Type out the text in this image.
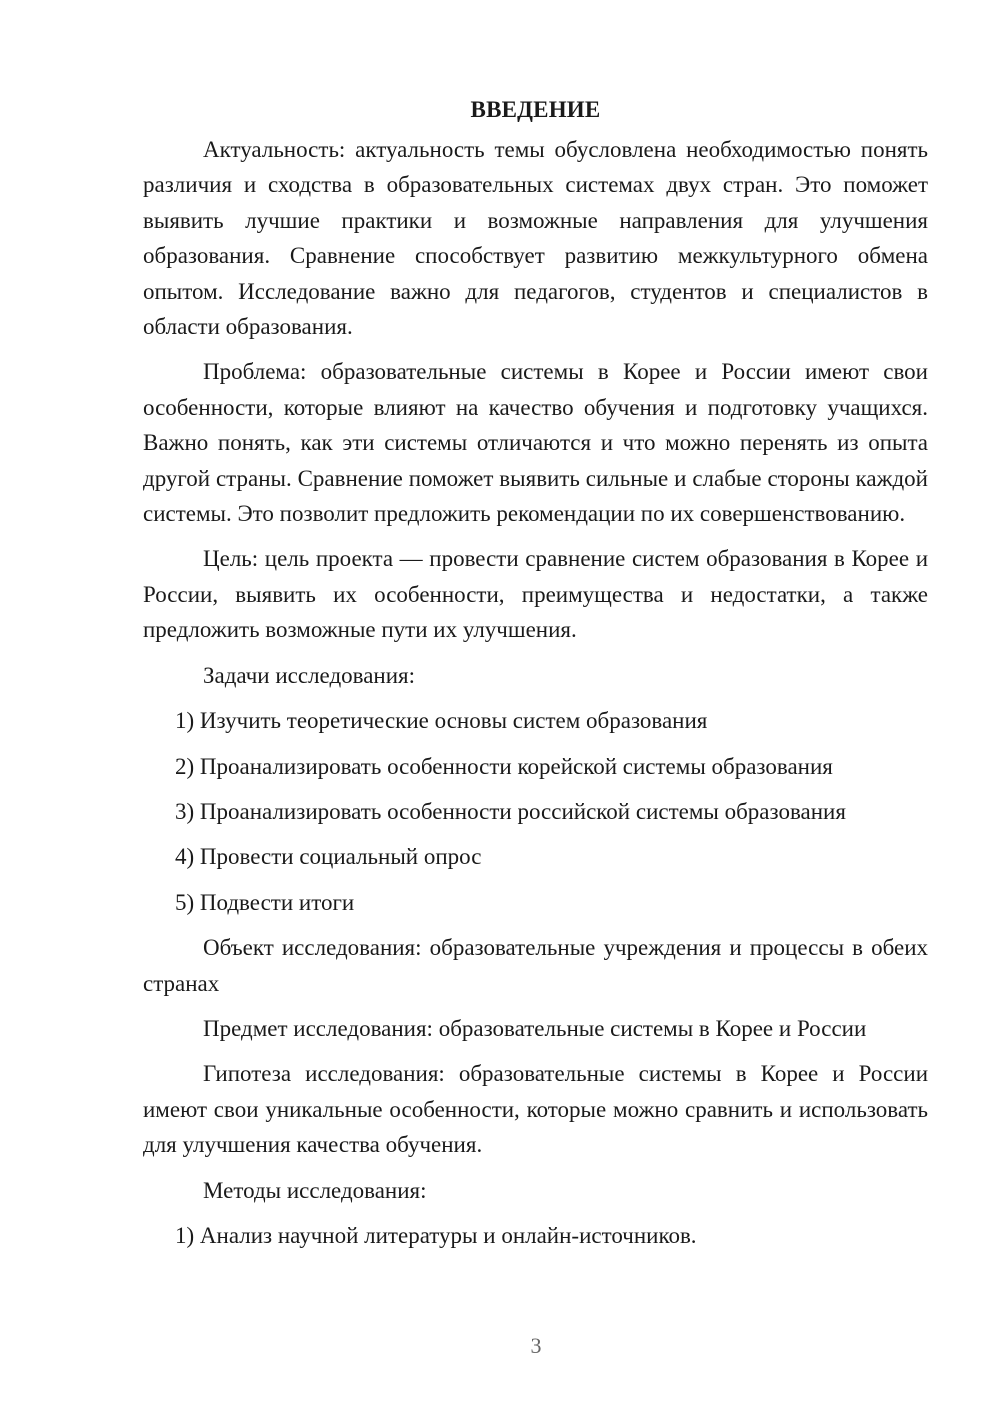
ВВЕДЕНИЕ
Актуальность: актуальность темы обусловлена необходимостью понять различия и сходства в образовательных системах двух стран. Это поможет выявить лучшие практики и возможные направления для улучшения образования. Сравнение способствует развитию межкультурного обмена опытом. Исследование важно для педагогов, студентов и специалистов в области образования.
Проблема: образовательные системы в Корее и России имеют свои особенности, которые влияют на качество обучения и подготовку учащихся. Важно понять, как эти системы отличаются и что можно перенять из опыта другой страны. Сравнение поможет выявить сильные и слабые стороны каждой системы. Это позволит предложить рекомендации по их совершенствованию.
Цель: цель проекта — провести сравнение систем образования в Корее и России, выявить их особенности, преимущества и недостатки, а также предложить возможные пути их улучшения.
Задачи исследования:
1) Изучить теоретические основы систем образования
2) Проанализировать особенности корейской системы образования
3) Проанализировать особенности российской системы образования
4) Провести социальный опрос
5) Подвести итоги
Объект исследования: образовательные учреждения и процессы в обеих странах
Предмет исследования: образовательные системы в Корее и России
Гипотеза исследования: образовательные системы в Корее и России имеют свои уникальные особенности, которые можно сравнить и использовать для улучшения качества обучения.
Методы исследования:
1) Анализ научной литературы и онлайн-источников.
3
